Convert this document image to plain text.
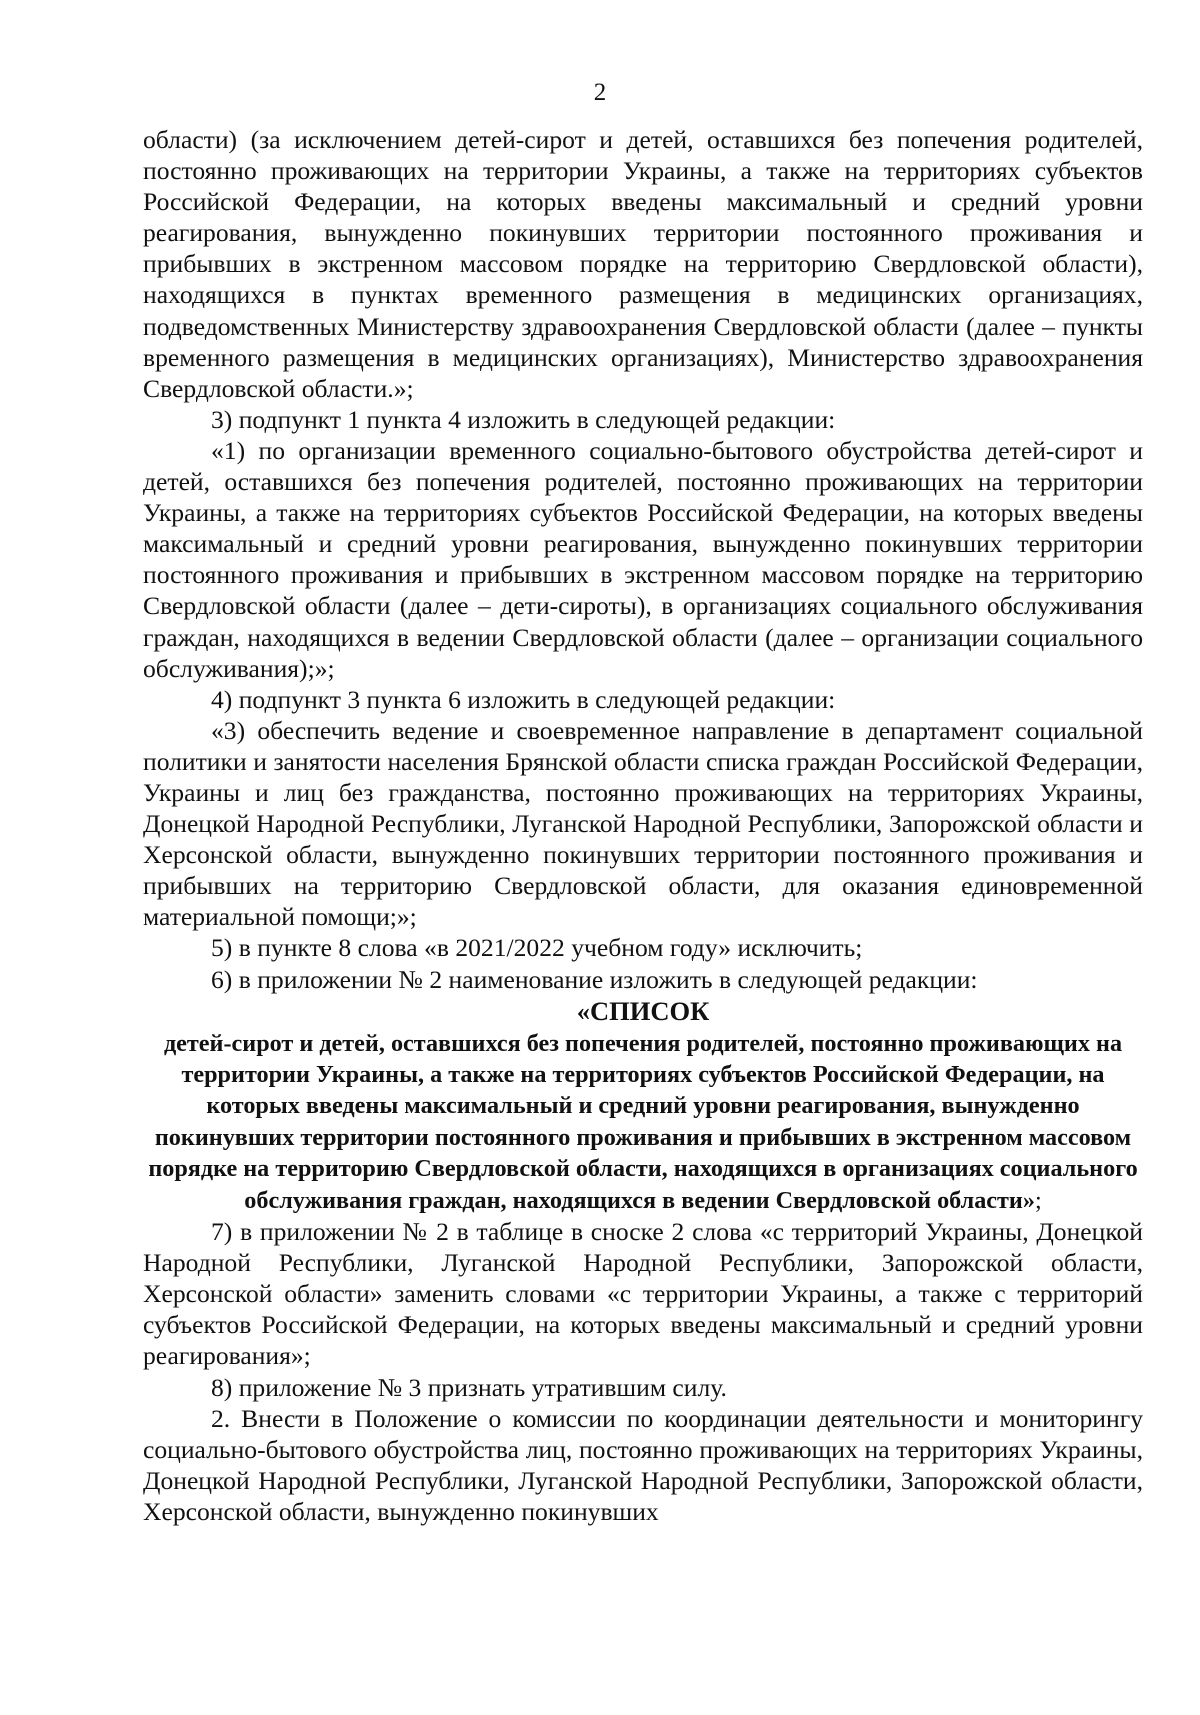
2

области) (за исключением детей-сирот и детей, оставшихся без попечения родителей, постоянно проживающих на территории Украины, а также на территориях субъектов Российской Федерации, на которых введены максимальный и средний уровни реагирования, вынужденно покинувших территории постоянного проживания и прибывших в экстренном массовом порядке на территорию Свердловской области), находящихся в пунктах временного размещения в медицинских организациях, подведомственных Министерству здравоохранения Свердловской области (далее – пункты временного размещения в медицинских организациях), Министерство здравоохранения Свердловской области.»;

3) подпункт 1 пункта 4 изложить в следующей редакции:

«1) по организации временного социально-бытового обустройства детей-сирот и детей, оставшихся без попечения родителей, постоянно проживающих на территории Украины, а также на территориях субъектов Российской Федерации, на которых введены максимальный и средний уровни реагирования, вынужденно покинувших территории постоянного проживания и прибывших в экстренном массовом порядке на территорию Свердловской области (далее – дети-сироты), в организациях социального обслуживания граждан, находящихся в ведении Свердловской области (далее – организации социального обслуживания);»;

4) подпункт 3 пункта 6 изложить в следующей редакции:

«3) обеспечить ведение и своевременное направление в департамент социальной политики и занятости населения Брянской области списка граждан Российской Федерации, Украины и лиц без гражданства, постоянно проживающих на территориях Украины, Донецкой Народной Республики, Луганской Народной Республики, Запорожской области и Херсонской области, вынужденно покинувших территории постоянного проживания и прибывших на территорию Свердловской области, для оказания единовременной материальной помощи;»;

5) в пункте 8 слова «в 2021/2022 учебном году» исключить;

6) в приложении № 2 наименование изложить в следующей редакции:

«СПИСОК

детей-сирот и детей, оставшихся без попечения родителей, постоянно проживающих на территории Украины, а также на территориях субъектов Российской Федерации, на которых введены максимальный и средний уровни реагирования, вынужденно покинувших территории постоянного проживания и прибывших в экстренном массовом порядке на территорию Свердловской области, находящихся в организациях социального обслуживания граждан, находящихся в ведении Свердловской области»;

7) в приложении № 2 в таблице в сноске 2 слова «с территорий Украины, Донецкой Народной Республики, Луганской Народной Республики, Запорожской области, Херсонской области» заменить словами «с территории Украины, а также с территорий субъектов Российской Федерации, на которых введены максимальный и средний уровни реагирования»;

8) приложение № 3 признать утратившим силу.

2. Внести в Положение о комиссии по координации деятельности и мониторингу социально-бытового обустройства лиц, постоянно проживающих на территориях Украины, Донецкой Народной Республики, Луганской Народной Республики, Запорожской области, Херсонской области, вынужденно покинувших
